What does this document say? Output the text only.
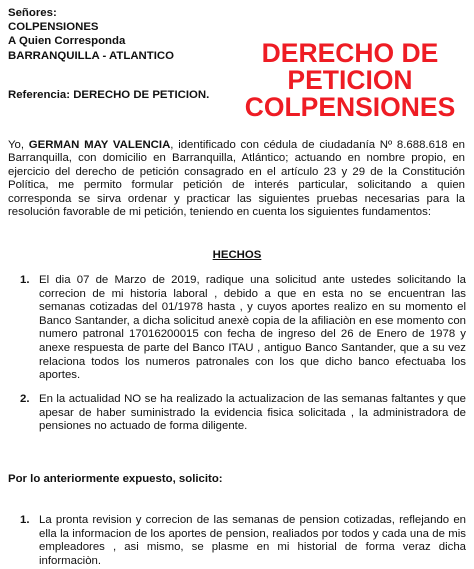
Señores:
COLPENSIONES
A Quien Corresponda
BARRANQUILLA - ATLANTICO	DERECHO DE
PETICION
COLPENSIONES
Referencia: DERECHO DE PETICION.

Yo, GERMAN MAY VALENCIA, identificado con cédula de ciudadanía Nº 8.688.618 en Barranquilla, con domicilio en Barranquilla, Atlántico; actuando en nombre propio, en ejercicio del derecho de petición consagrado en el artículo 23 y 29 de la Constitución Política, me permito formular petición de interés particular, solicitando a quien corresponda se sirva ordenar y practicar las siguientes pruebas necesarias para la resolución favorable de mi petición, teniendo en cuenta los siguientes fundamentos:

HECHOS
1. El dia 07 de Marzo de 2019, radique una solicitud ante ustedes solicitando la correcion de mi historia laboral , debido a que en esta no se encuentran las semanas cotizadas del 01/1978 hasta , y cuyos aportes realizo en su momento el Banco Santander, a dicha solicitud anexè copia de la afiliaciòn en ese momento con numero patronal 17016200015 con fecha de ingreso del 26 de Enero de 1978 y anexe respuesta de parte del Banco ITAU , antiguo Banco Santander, que a su vez relaciona todos los numeros patronales con los que dicho banco efectuaba los aportes.
2. En la actualidad NO se ha realizado la actualizacion de las semanas faltantes y que apesar de haber suministrado la evidencia fisica solicitada , la administradora de pensiones no actuado de forma diligente.
Por lo anteriormente expuesto, solicito:
1. La pronta revision y correcion de las semanas de pension cotizadas, reflejando en ella la informacion de los aportes de pension, realiados por todos y cada una de mis empleadores , asi mismo, se plasme en mi historial de forma veraz dicha informaciòn.
